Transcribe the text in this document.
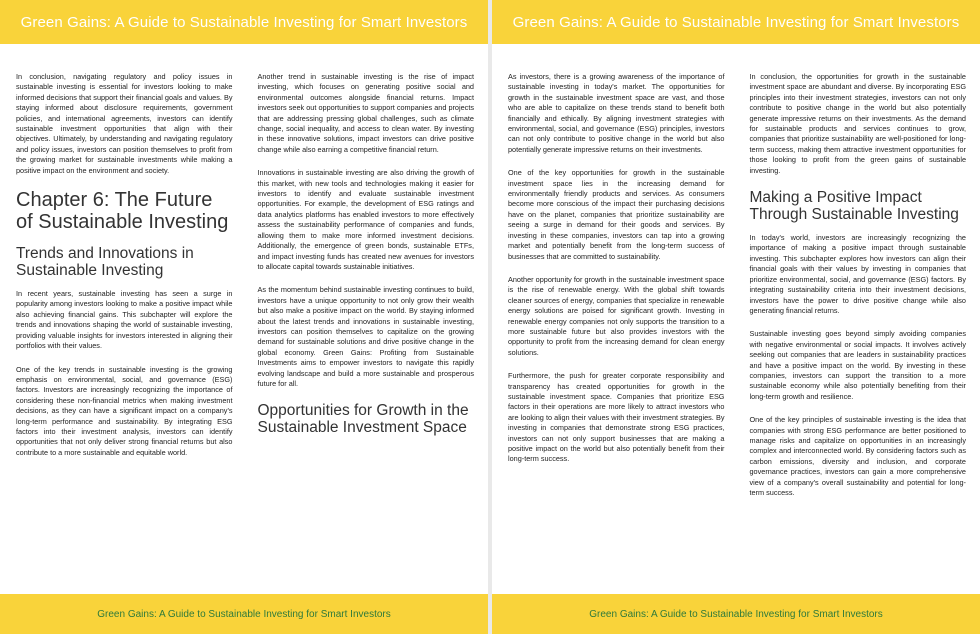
Green Gains: A Guide to Sustainable Investing for Smart Investors

In conclusion, navigating regulatory and policy issues in sustainable investing is essential for investors looking to make informed decisions that support their financial goals and values. By staying informed about disclosure requirements, government policies, and international agreements, investors can identify sustainable investment opportunities that align with their objectives. Ultimately, by understanding and navigating regulatory and policy issues, investors can position themselves to profit from the growing market for sustainable investments while making a positive impact on the environment and society.

Chapter 6: The Future of Sustainable Investing
Trends and Innovations in Sustainable Investing

In recent years, sustainable investing has seen a surge in popularity among investors looking to make a positive impact while also achieving financial gains. This subchapter will explore the trends and innovations shaping the world of sustainable investing, providing valuable insights for investors interested in aligning their portfolios with their values.

One of the key trends in sustainable investing is the growing emphasis on environmental, social, and governance (ESG) factors. Investors are increasingly recognizing the importance of considering these non-financial metrics when making investment decisions, as they can have a significant impact on a company's long-term performance and sustainability. By integrating ESG factors into their investment analysis, investors can identify opportunities that not only deliver strong financial returns but also contribute to a more sustainable and equitable world.

Another trend in sustainable investing is the rise of impact investing, which focuses on generating positive social and environmental outcomes alongside financial returns. Impact investors seek out opportunities to support companies and projects that are addressing pressing global challenges, such as climate change, social inequality, and access to clean water. By investing in these innovative solutions, impact investors can drive positive change while also earning a competitive financial return.

Innovations in sustainable investing are also driving the growth of this market, with new tools and technologies making it easier for investors to identify and evaluate sustainable investment opportunities. For example, the development of ESG ratings and data analytics platforms has enabled investors to more effectively assess the sustainability performance of companies and funds, allowing them to make more informed investment decisions. Additionally, the emergence of green bonds, sustainable ETFs, and impact investing funds has created new avenues for investors to allocate capital towards sustainable initiatives.

As the momentum behind sustainable investing continues to build, investors have a unique opportunity to not only grow their wealth but also make a positive impact on the world. By staying informed about the latest trends and innovations in sustainable investing, investors can position themselves to capitalize on the growing demand for sustainable solutions and drive positive change in the global economy. Green Gains: Profiting from Sustainable Investments aims to empower investors to navigate this rapidly evolving landscape and build a more sustainable and prosperous future for all.

Opportunities for Growth in the Sustainable Investment Space
Green Gains: A Guide to Sustainable Investing for Smart Investors
Green Gains: A Guide to Sustainable Investing for Smart Investors

As investors, there is a growing awareness of the importance of sustainable investing in today's market. The opportunities for growth in the sustainable investment space are vast, and those who are able to capitalize on these trends stand to benefit both financially and ethically. By aligning investment strategies with environmental, social, and governance (ESG) principles, investors can not only contribute to positive change in the world but also potentially generate impressive returns on their investments.

One of the key opportunities for growth in the sustainable investment space lies in the increasing demand for environmentally friendly products and services. As consumers become more conscious of the impact their purchasing decisions have on the planet, companies that prioritize sustainability are seeing a surge in demand for their goods and services. By investing in these companies, investors can tap into a growing market and potentially benefit from the long-term success of businesses that are committed to sustainability.

Another opportunity for growth in the sustainable investment space is the rise of renewable energy. With the global shift towards cleaner sources of energy, companies that specialize in renewable energy solutions are poised for significant growth. Investing in renewable energy companies not only supports the transition to a more sustainable future but also provides investors with the opportunity to profit from the increasing demand for clean energy solutions.

Furthermore, the push for greater corporate responsibility and transparency has created opportunities for growth in the sustainable investment space. Companies that prioritize ESG factors in their operations are more likely to attract investors who are looking to align their values with their investment strategies. By investing in companies that demonstrate strong ESG practices, investors can not only support businesses that are making a positive impact on the world but also potentially benefit from their long-term success.

In conclusion, the opportunities for growth in the sustainable investment space are abundant and diverse. By incorporating ESG principles into their investment strategies, investors can not only contribute to positive change in the world but also potentially generate impressive returns on their investments. As the demand for sustainable products and services continues to grow, companies that prioritize sustainability are well-positioned for long-term success, making them attractive investment opportunities for those looking to profit from the green gains of sustainable investing.

Making a Positive Impact Through Sustainable Investing

In today's world, investors are increasingly recognizing the importance of making a positive impact through sustainable investing. This subchapter explores how investors can align their financial goals with their values by investing in companies that prioritize environmental, social, and governance (ESG) factors. By integrating sustainability criteria into their investment decisions, investors have the power to drive positive change while also generating financial returns.

Sustainable investing goes beyond simply avoiding companies with negative environmental or social impacts. It involves actively seeking out companies that are leaders in sustainability practices and have a positive impact on the world. By investing in these companies, investors can support the transition to a more sustainable economy while also potentially benefiting from their long-term growth and resilience.

One of the key principles of sustainable investing is the idea that companies with strong ESG performance are better positioned to manage risks and capitalize on opportunities in an increasingly complex and interconnected world. By considering factors such as carbon emissions, diversity and inclusion, and corporate governance practices, investors can gain a more comprehensive view of a company's overall sustainability and potential for long-term success.

Green Gains: A Guide to Sustainable Investing for Smart Investors
